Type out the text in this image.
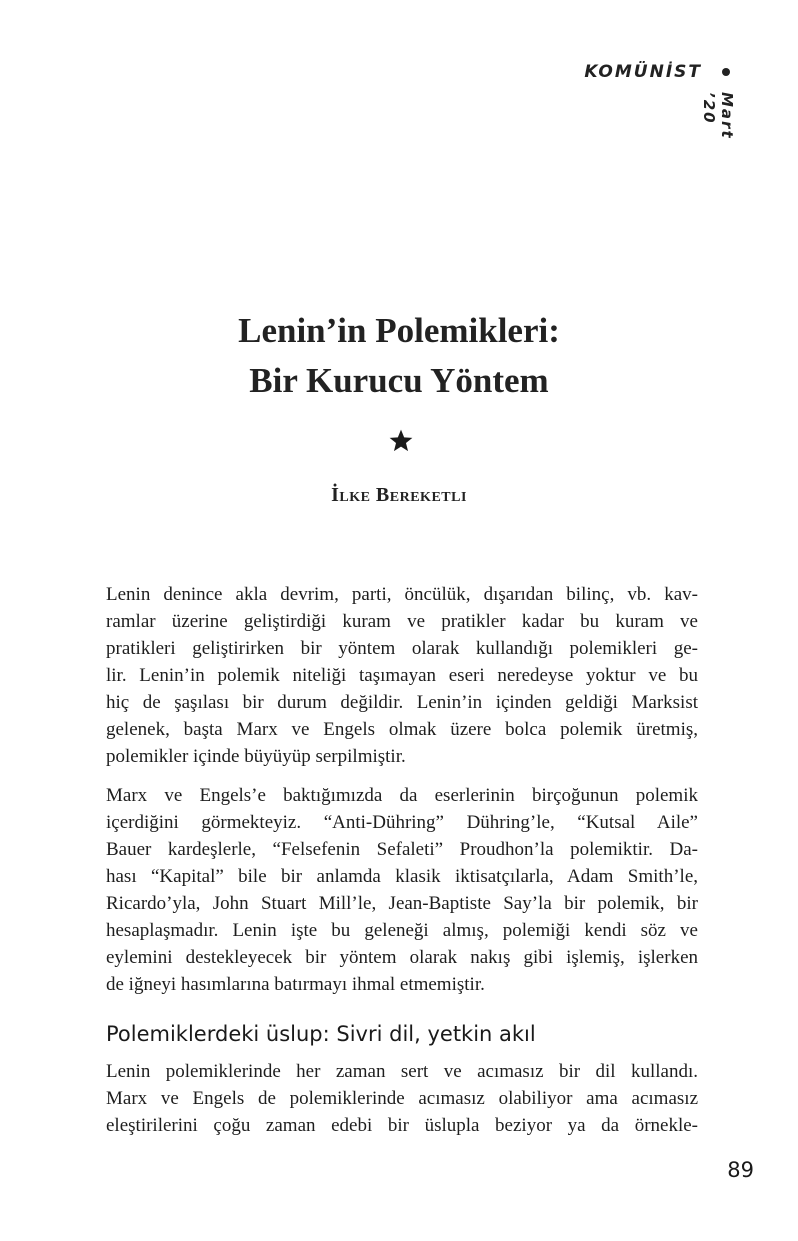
KOMÜNİST
Mart ’20
Lenin’in Polemikleri:
Bir Kurucu Yöntem
İlke Bereketli
Lenin denince akla devrim, parti, öncülük, dışarıdan bilinç, vb. kav-
ramlar üzerine geliştirdiği kuram ve pratikler kadar bu kuram ve
pratikleri geliştirirken bir yöntem olarak kullandığı polemikleri ge-
lir. Lenin’in polemik niteliği taşımayan eseri neredeyse yoktur ve bu
hiç de şaşılası bir durum değildir. Lenin’in içinden geldiği Marksist
gelenek, başta Marx ve Engels olmak üzere bolca polemik üretmiş,
polemikler içinde büyüyüp serpilmiştir.
Marx ve Engels’e baktığımızda da eserlerinin birçoğunun polemik
içerdiğini görmekteyiz. “Anti-Dühring” Dühring’le, “Kutsal Aile”
Bauer kardeşlerle, “Felsefenin Sefaleti” Proudhon’la polemiktir. Da-
hası “Kapital” bile bir anlamda klasik iktisatçılarla, Adam Smith’le,
Ricardo’yla, John Stuart Mill’le, Jean-Baptiste Say’la bir polemik, bir
hesaplaşmadır. Lenin işte bu geleneği almış, polemiği kendi söz ve
eylemini destekleyecek bir yöntem olarak nakış gibi işlemiş, işlerken
de iğneyi hasımlarına batırmayı ihmal etmemiştir.
Polemiklerdeki üslup: Sivri dil, yetkin akıl
Lenin polemiklerinde her zaman sert ve acımasız bir dil kullandı.
Marx ve Engels de polemiklerinde acımasız olabiliyor ama acımasız
eleştirilerini çoğu zaman edebi bir üslupla beziyor ya da örnekle-
89
